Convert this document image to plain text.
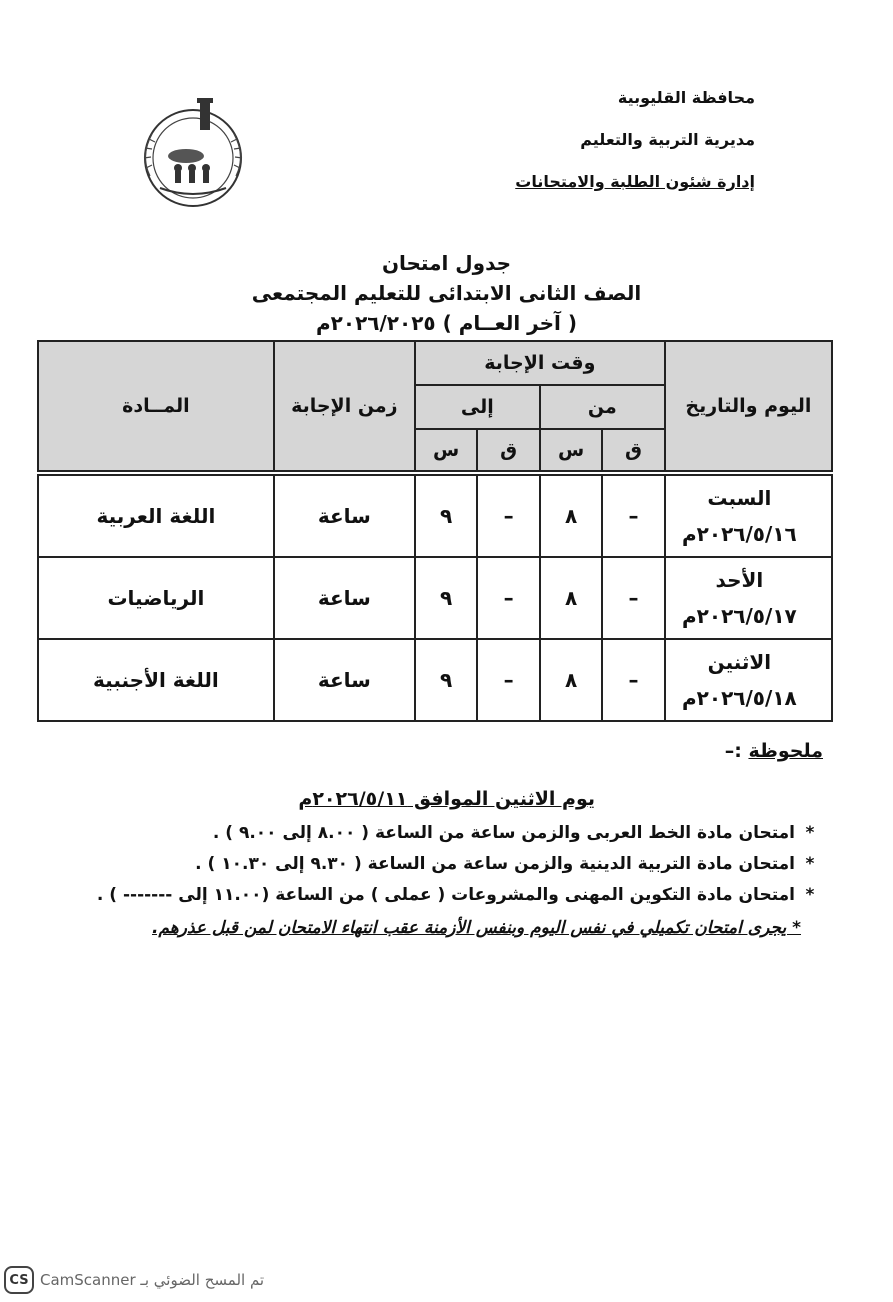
محافظة القليوبية
مديرية التربية والتعليم
إدارة شئون الطلبة والامتحانات
جدول امتحان
الصف الثانى الابتدائى للتعليم المجتمعى
( آخر العــام ) ٢٠٢٦/٢٠٢٥م
اليوم والتاريخ	وقت الإجابة				زمن الإجابة	المــادة
	من		إلى			
	ق	س	ق	س		

السبت
٢٠٢٦/٥/١٦م	–	٨	–	٩	ساعة	اللغة العربية

الأحد
٢٠٢٦/٥/١٧م	–	٨	–	٩	ساعة	الرياضيات

الاثنين
٢٠٢٦/٥/١٨م	–	٨	–	٩	ساعة	اللغة الأجنبية
ملحوظة :–
يوم الاثنين الموافق ٢٠٢٦/٥/١١م
*امتحان مادة الخط العربى والزمن ساعة من الساعة ( ٨.٠٠ إلى ٩.٠٠ ) .
*امتحان مادة التربية الدينية والزمن ساعة من الساعة ( ٩.٣٠ إلى ١٠.٣٠ ) .
*امتحان مادة التكوين المهنى والمشروعات ( عملى ) من الساعة (١١.٠٠ إلى ------- ) .
* يجرى امتحان تكميلي في نفس اليوم وبنفس الأزمنة عقب انتهاء الامتحان لمن قبل عذرهم.
CS تم المسح الضوئي بـ CamScanner
